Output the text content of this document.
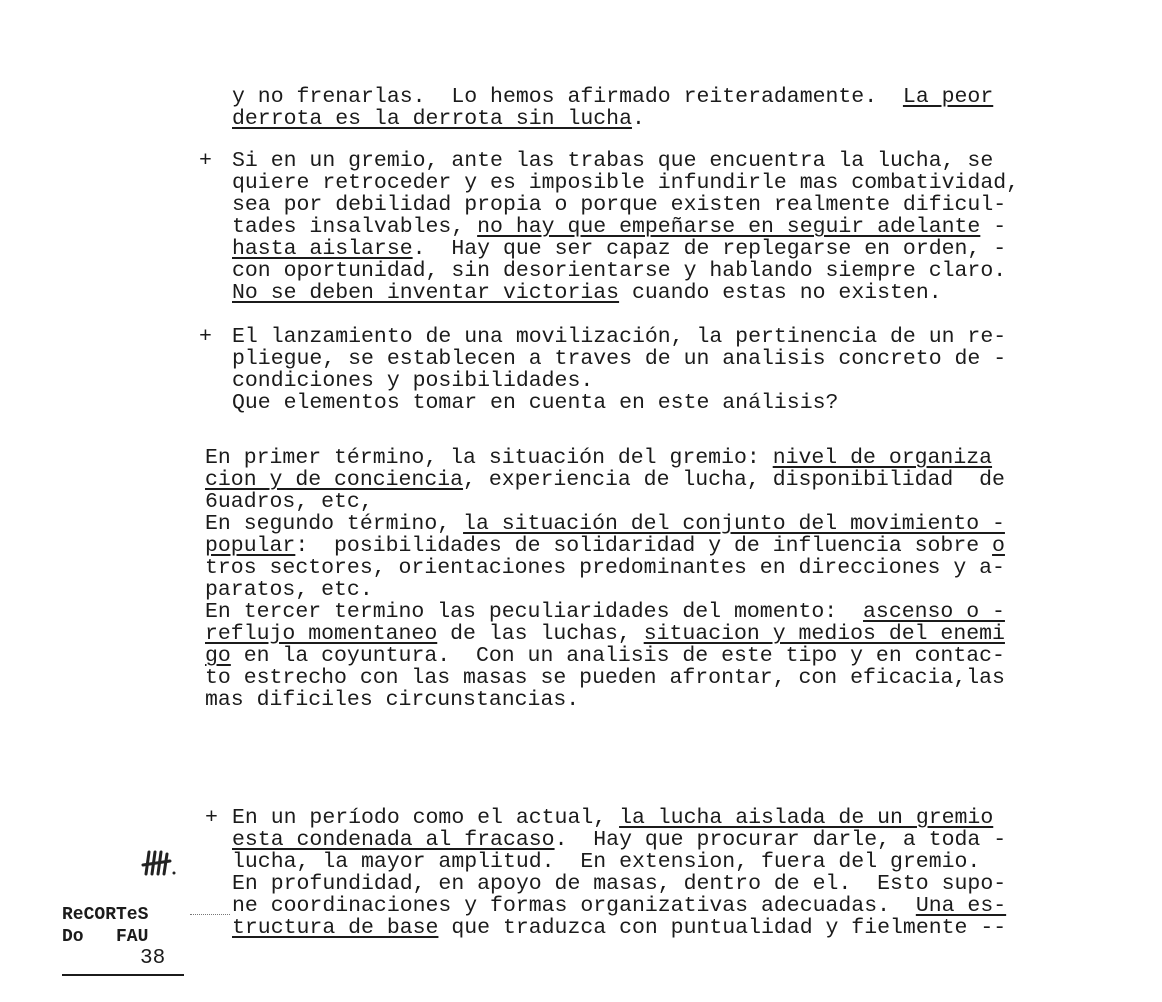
+
+
+
y no frenarlas.  Lo hemos afirmado reiteradamente.  La peor
derrota es la derrota sin lucha.
Si en un gremio, ante las trabas que encuentra la lucha, se
quiere retroceder y es imposible infundirle mas combatividad,
sea por debilidad propia o porque existen realmente dificul-
tades insalvables, no hay que empeñarse en seguir adelante -
hasta aislarse.  Hay que ser capaz de replegarse en orden, -
con oportunidad, sin desorientarse y hablando siempre claro.
No se deben inventar victorias cuando estas no existen.
El lanzamiento de una movilización, la pertinencia de un re-
pliegue, se establecen a traves de un analisis concreto de -
condiciones y posibilidades.
Que elementos tomar en cuenta en este análisis?
En primer término, la situación del gremio: nivel de organiza
cion y de conciencia, experiencia de lucha, disponibilidad  de
6uadros, etc,
En segundo término, la situación del conjunto del movimiento -
popular:  posibilidades de solidaridad y de influencia sobre o
tros sectores, orientaciones predominantes en direcciones y a-
paratos, etc.
En tercer termino las peculiaridades del momento:  ascenso o -
reflujo momentaneo de las luchas, situacion y medios del enemi
go en la coyuntura.  Con un analisis de este tipo y en contac-
to estrecho con las masas se pueden afrontar, con eficacia,las
mas dificiles circunstancias.
En un período como el actual, la lucha aislada de un gremio
esta condenada al fracaso.  Hay que procurar darle, a toda -
lucha, la mayor amplitud.  En extension, fuera del gremio.
En profundidad, en apoyo de masas, dentro de el.  Esto supo-
ne coordinaciones y formas organizativas adecuadas.  Una es-
tructura de base que traduzca con puntualidad y fielmente --
ReCORTeS
Do   FAU
38
